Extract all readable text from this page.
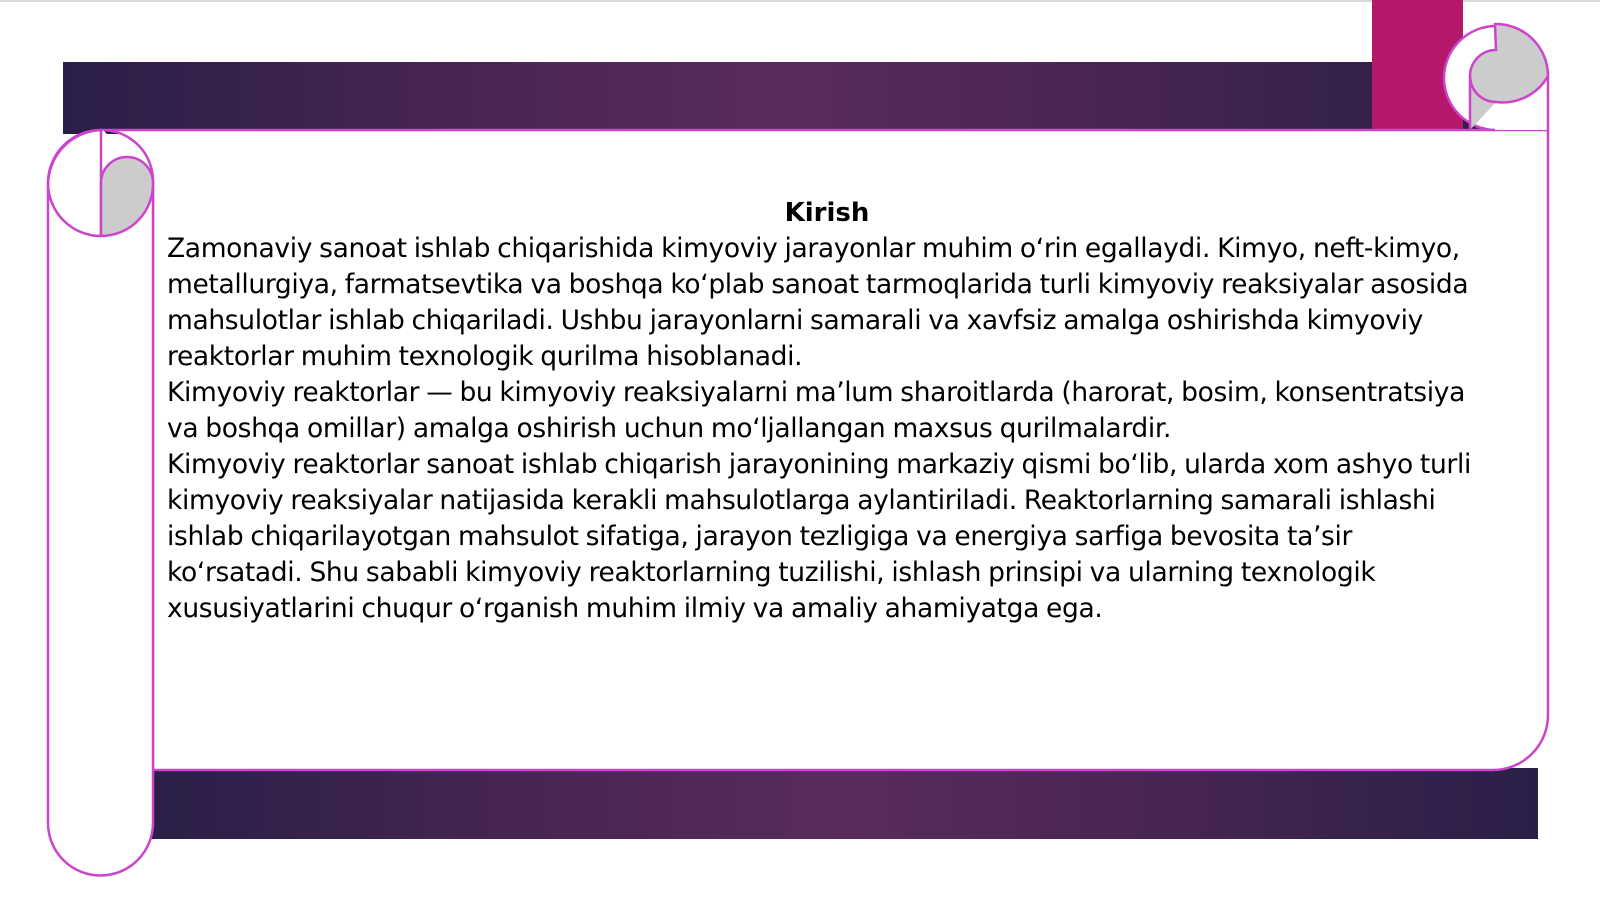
Kirish

Zamonaviy sanoat ishlab chiqarishida kimyoviy jarayonlar muhim oʻrin egallaydi. Kimyo, neft-kimyo, metallurgiya, farmatsevtika va boshqa koʻplab sanoat tarmoqlarida turli kimyoviy reaksiyalar asosida mahsulotlar ishlab chiqariladi. Ushbu jarayonlarni samarali va xavfsiz amalga oshirishda kimyoviy reaktorlar muhim texnologik qurilma hisoblanadi.

Kimyoviy reaktorlar — bu kimyoviy reaksiyalarni maʼlum sharoitlarda (harorat, bosim, konsentratsiya va boshqa omillar) amalga oshirish uchun moʻljallangan maxsus qurilmalardir.

Kimyoviy reaktorlar sanoat ishlab chiqarish jarayonining markaziy qismi boʻlib, ularda xom ashyo turli kimyoviy reaksiyalar natijasida kerakli mahsulotlarga aylantiriladi. Reaktorlarning samarali ishlashi ishlab chiqarilayotgan mahsulot sifatiga, jarayon tezligiga va energiya sarfiga bevosita taʼsir koʻrsatadi. Shu sababli kimyoviy reaktorlarning tuzilishi, ishlash prinsipi va ularning texnologik xususiyatlarini chuqur oʻrganish muhim ilmiy va amaliy ahamiyatga ega.
